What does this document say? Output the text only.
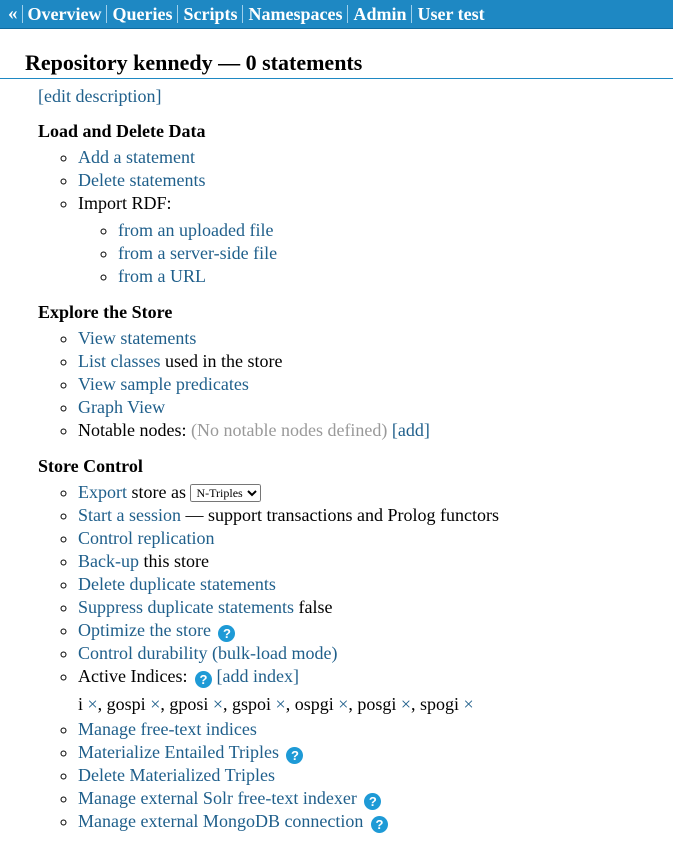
« Overview Queries Scripts Namespaces Admin User test
Repository kennedy — 0 statements
[edit description]
Load and Delete Data
◦ Add a statement
◦ Delete statements
◦ Import RDF:
◦ from an uploaded file
◦ from a server-side file
◦ from a URL
Explore the Store
◦ View statements
◦ List classes used in the store
◦ View sample predicates
◦ Graph View
◦ Notable nodes: (No notable nodes defined) [add]
Store Control
◦ Export store as
N-Triples
◦ Start a session — support transactions and Prolog functors
◦ Control replication
◦ Back-up this store
◦ Delete duplicate statements
◦ Suppress duplicate statements false
◦ Optimize the store ?
◦ Control durability (bulk-load mode)
◦ Active Indices: ? [add index]
i ×, gospi ×, gposi ×, gspoi ×, ospgi ×, posgi ×, spogi ×
◦ Manage free-text indices
◦ Materialize Entailed Triples ?
◦ Delete Materialized Triples
◦ Manage external Solr free-text indexer ?
◦ Manage external MongoDB connection ?
